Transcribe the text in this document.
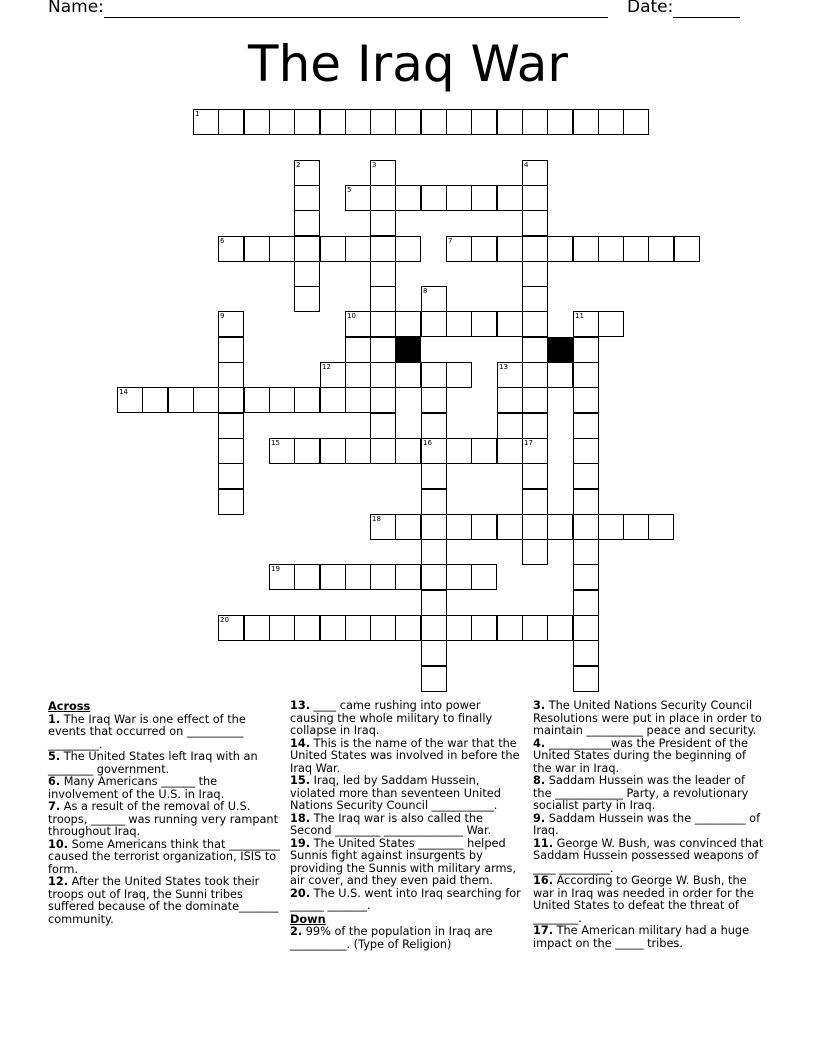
Name:	Date:
The Iraq War
1
2	3	4
5
6	7
8
9	10	11
12	13
14
15	16	17
18
19
20
Across
1. The Iraq War is one effect of the events that occurred on __________ _________.
5. The United States left Iraq with an ________ government.
6. Many Americans ______ the involvement of the U.S. in Iraq.
7. As a result of the removal of U.S. troops, ______ was running very rampant throughout Iraq.
10. Some Americans think that _________ caused the terrorist organization, ISIS to form.
12. After the United States took their troops out of Iraq, the Sunni tribes suffered because of the dominate_______ community.
13. ____ came rushing into power causing the whole military to finally collapse in Iraq.
14. This is the name of the war that the United States was involved in before the Iraq War.
15. Iraq, led by Saddam Hussein, violated more than seventeen United Nations Security Council ___________.
18. The Iraq war is also called the Second ________ ______________ War.
19. The United States ________ helped Sunnis fight against insurgents by providing the Sunnis with military arms, air cover, and they even paid them.
20. The U.S. went into Iraq searching for ______ _______.
Down
2. 99% of the population in Iraq are __________. (Type of Religion)
3. The United Nations Security Council Resolutions were put in place in order to maintain __________ peace and security.
4. ___________was the President of the United States during the beginning of the war in Iraq.
8. Saddam Hussein was the leader of the ____________ Party, a revolutionary socialist party in Iraq.
9. Saddam Hussein was the _________ of Iraq.
11. George W. Bush, was convinced that Saddam Hussein possessed weapons of ____ _________.
16. According to George W. Bush, the war in Iraq was needed in order for the United States to defeat the threat of ________.
17. The American military had a huge impact on the _____ tribes.
